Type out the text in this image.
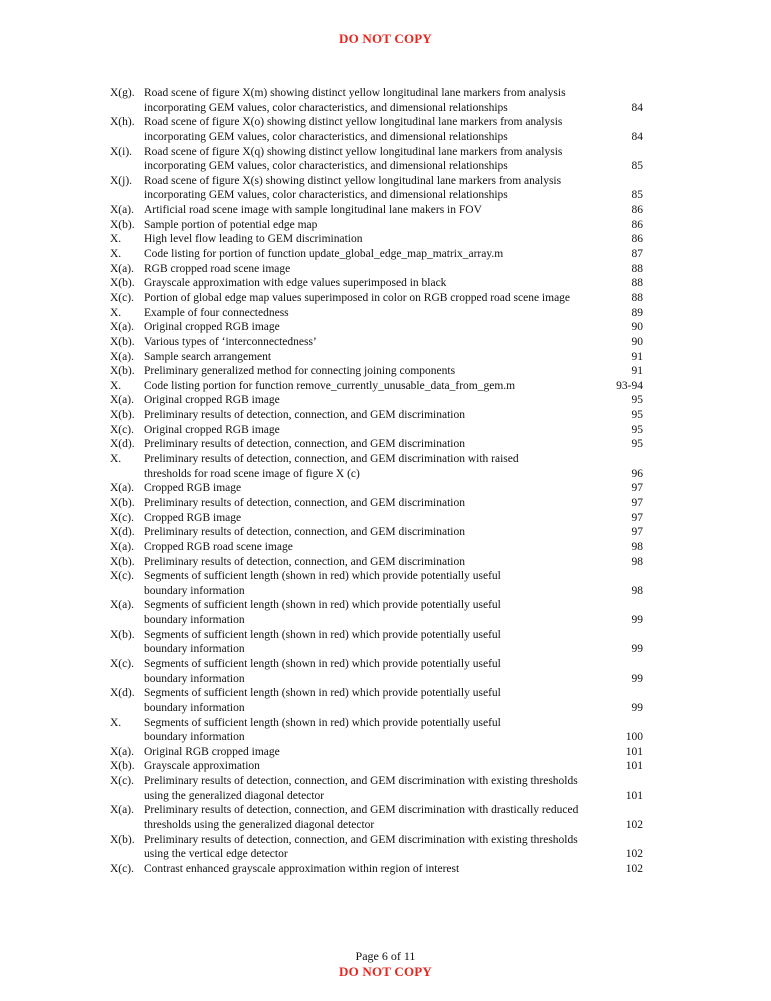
DO NOT COPY
X(g). Road scene of figure X(m) showing distinct yellow longitudinal lane markers from analysis
incorporating GEM values, color characteristics, and dimensional relationships	84
X(h). Road scene of figure X(o) showing distinct yellow longitudinal lane markers from analysis
incorporating GEM values, color characteristics, and dimensional relationships	84
X(i). Road scene of figure X(q) showing distinct yellow longitudinal lane markers from analysis
incorporating GEM values, color characteristics, and dimensional relationships	85
X(j). Road scene of figure X(s) showing distinct yellow longitudinal lane markers from analysis
incorporating GEM values, color characteristics, and dimensional relationships	85
X(a). Artificial road scene image with sample longitudinal lane makers in FOV	86
X(b). Sample portion of potential edge map	86
X. High level flow leading to GEM discrimination	86
X. Code listing for portion of function update_global_edge_map_matrix_array.m	87
X(a). RGB cropped road scene image	88
X(b). Grayscale approximation with edge values superimposed in black	88
X(c). Portion of global edge map values superimposed in color on RGB cropped road scene image	88
X. Example of four connectedness	89
X(a). Original cropped RGB image	90
X(b). Various types of ‘interconnectedness’	90
X(a). Sample search arrangement	91
X(b). Preliminary generalized method for connecting joining components	91
X. Code listing portion for function remove_currently_unusable_data_from_gem.m	93-94
X(a). Original cropped RGB image	95
X(b). Preliminary results of detection, connection, and GEM discrimination	95
X(c). Original cropped RGB image	95
X(d). Preliminary results of detection, connection, and GEM discrimination	95
X. Preliminary results of detection, connection, and GEM discrimination with raised
thresholds for road scene image of figure X (c)	96
X(a). Cropped RGB image	97
X(b). Preliminary results of detection, connection, and GEM discrimination	97
X(c). Cropped RGB image	97
X(d). Preliminary results of detection, connection, and GEM discrimination	97
X(a). Cropped RGB road scene image	98
X(b). Preliminary results of detection, connection, and GEM discrimination	98
X(c). Segments of sufficient length (shown in red) which provide potentially useful
boundary information	98
X(a). Segments of sufficient length (shown in red) which provide potentially useful
boundary information	99
X(b). Segments of sufficient length (shown in red) which provide potentially useful
boundary information	99
X(c). Segments of sufficient length (shown in red) which provide potentially useful
boundary information	99
X(d). Segments of sufficient length (shown in red) which provide potentially useful
boundary information	99
X. Segments of sufficient length (shown in red) which provide potentially useful
boundary information	100
X(a). Original RGB cropped image	101
X(b). Grayscale approximation	101
X(c). Preliminary results of detection, connection, and GEM discrimination with existing thresholds
using the generalized diagonal detector	101
X(a). Preliminary results of detection, connection, and GEM discrimination with drastically reduced
thresholds using the generalized diagonal detector	102
X(b). Preliminary results of detection, connection, and GEM discrimination with existing thresholds
using the vertical edge detector	102
X(c). Contrast enhanced grayscale approximation within region of interest	102
Page 6 of 11
DO NOT COPY
